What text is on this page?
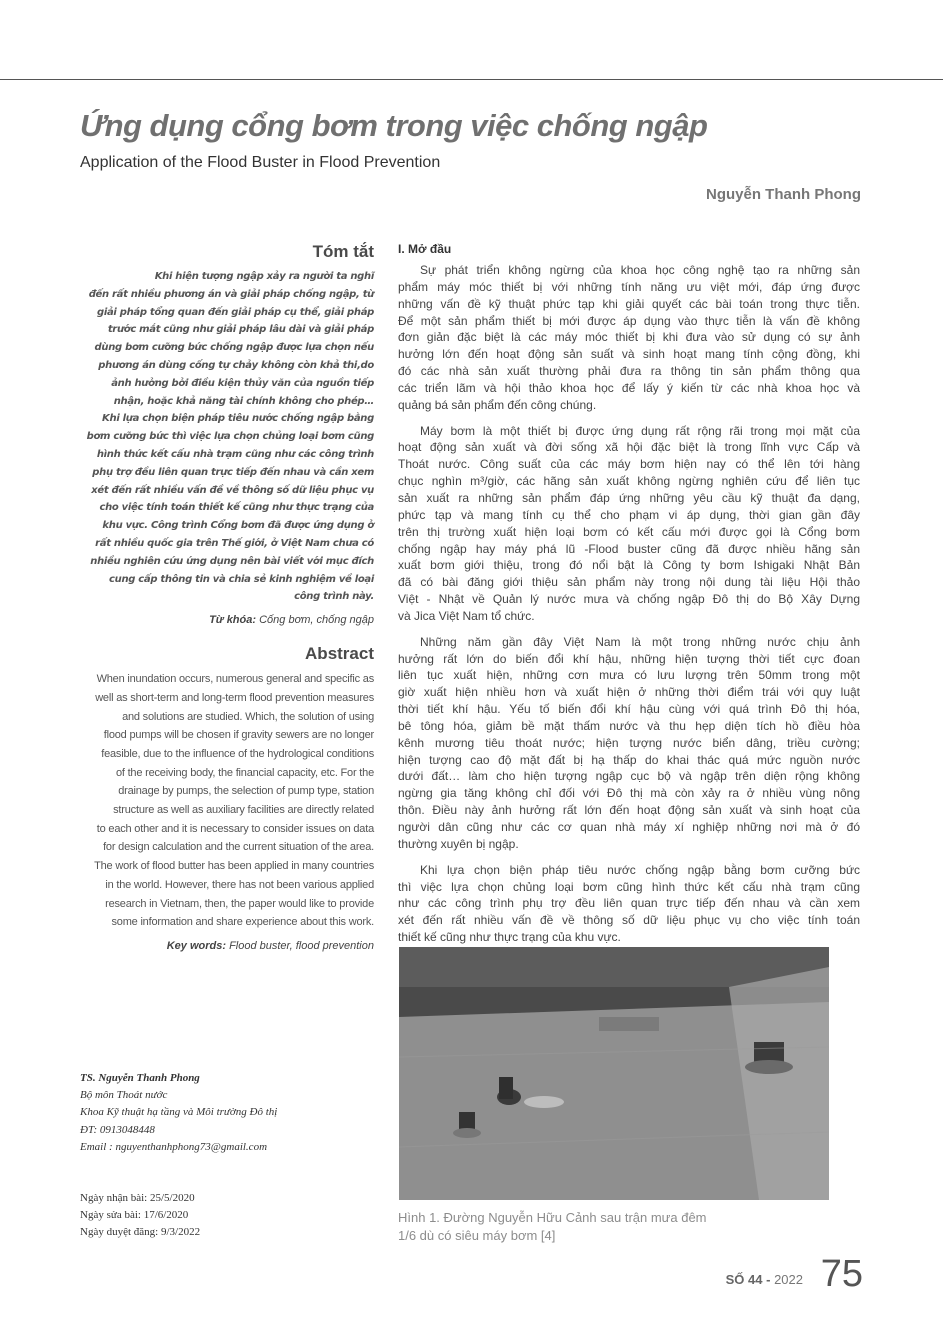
Ứng dụng cổng bơm trong việc chống ngập

Application of the Flood Buster in Flood Prevention

Nguyễn Thanh Phong

Tóm tắt

Khi hiện tượng ngập xảy ra người ta nghĩ
đến rất nhiều phương án và giải pháp chống ngập, từ
giải pháp tổng quan đến giải pháp cụ thể, giải pháp
trước mắt cũng như giải pháp lâu dài và giải pháp
dùng bơm cưỡng bức chống ngập được lựa chọn nếu
phương án dùng cống tự chảy không còn khả thi,do
ảnh hưởng bởi điều kiện thủy văn của nguồn tiếp
nhận, hoặc khả năng tài chính không cho phép…
Khi lựa chọn biện pháp tiêu nước chống ngập bằng
bơm cưỡng bức thì việc lựa chọn chủng loại bơm cũng
hình thức kết cấu nhà trạm cũng như các công trình
phụ trợ đều liên quan trực tiếp đến nhau và cần xem
xét đến rất nhiều vấn đề về thông số dữ liệu phục vụ
cho việc tính toán thiết kế cũng như thực trạng của
khu vực. Công trình Cổng bơm đã được ứng dụng ở
rất nhiều quốc gia trên Thế giới, ở Việt Nam chưa có
nhiều nghiên cứu ứng dụng nên bài viết với mục đích
cung cấp thông tin và chia sẻ kinh nghiệm về loại
công trình này.

Từ khóa: Cống bơm, chống ngập

Abstract

When inundation occurs, numerous general and specific as
well as short-term and long-term flood prevention measures
and solutions are studied. Which, the solution of using
flood pumps will be chosen if gravity sewers are no longer
feasible, due to the influence of the hydrological conditions
of the receiving body, the financial capacity, etc. For the
drainage by pumps, the selection of pump type, station
structure as well as auxiliary facilities are directly related
to each other and it is necessary to consider issues on data
for design calculation and the current situation of the area.
The work of flood butter has been applied in many countries
in the world. However, there has not been various applied
research in Vietnam, then, the paper would like to provide
some information and share experience about this work.

Key words: Flood buster, flood prevention

TS. Nguyễn Thanh Phong
Bộ môn Thoát nước
Khoa Kỹ thuật hạ tầng và Môi trường Đô thị
ĐT: 0913048448
Email : nguyenthanhphong73@gmail.com
Ngày nhận bài: 25/5/2020
Ngày sửa bài: 17/6/2020
Ngày duyệt đăng: 9/3/2022
I. Mở đầu

Sự phát triển không ngừng của khoa học công nghệ tạo ra những sản
phẩm máy móc thiết bị với những tính năng ưu việt mới, đáp ứng được
những vấn đề kỹ thuật phức tạp khi giải quyết các bài toán trong thực tiễn.
Để một sản phẩm thiết bị mới được áp dụng vào thực tiễn là vấn đề không
đơn giản đặc biệt là các máy móc thiết bị khi đưa vào sử dụng có sự ảnh
hưởng lớn đến hoạt động sản suất và sinh hoạt mang tính cộng đồng, khi
đó các nhà sản xuất thường phải đưa ra thông tin sản phẩm thông qua
các triển lãm và hội thảo khoa học để lấy ý kiến từ các nhà khoa học và
quảng bá sản phẩm đến công chúng.

Máy bơm là một thiết bị được ứng dụng rất rộng rãi trong mọi mặt của
hoạt động sản xuất và đời sống xã hội đặc biệt là trong lĩnh vực Cấp và
Thoát nước. Công suất của các máy bơm hiện nay có thể lên tới hàng
chục nghìn m³/giờ, các hãng sản xuất không ngừng nghiên cứu để liên tục
sản xuất ra những sản phẩm đáp ứng những yêu cầu kỹ thuật đa dạng,
phức tạp và mang tính cụ thể cho phạm vi áp dụng, thời gian gần đây
trên thị trường xuất hiện loại bơm có kết cấu mới được gọi là Cổng bơm
chống ngập hay máy phá lũ -Flood buster cũng đã được nhiều hãng sản
xuất bơm giới thiệu, trong đó nổi bật là Công ty bơm Ishigaki Nhật Bản
đã có bài đăng giới thiệu sản phẩm này trong nội dung tài liệu Hội thảo
Việt - Nhật về Quản lý nước mưa và chống ngập Đô thị do Bộ Xây Dựng
và Jica Việt Nam tổ chức.

Những năm gần đây Việt Nam là một trong những nước chịu ảnh
hưởng rất lớn do biến đổi khí hậu, những hiện tượng thời tiết cực đoan
liên tục xuất hiện, những cơn mưa có lưu lượng trên 50mm trong một
giờ xuất hiện nhiều hơn và xuất hiện ở những thời điểm trái với quy luật
thời tiết khí hậu. Yếu tố biến đổi khí hậu cùng với quá trình Đô thị hóa,
bê tông hóa, giảm bề mặt thấm nước và thu hẹp diện tích hồ điều hòa
kênh mương tiêu thoát nước; hiện tượng nước biển dâng, triều cường;
hiện tượng cao độ mặt đất bị hạ thấp do khai thác quá mức nguồn nước
dưới đất… làm cho hiện tượng ngập cục bộ và ngập trên diện rộng không
ngừng gia tăng không chỉ đối với Đô thị mà còn xảy ra ở nhiều vùng nông
thôn. Điều này ảnh hưởng rất lớn đến hoạt động sản xuất và sinh hoạt của
người dân cũng như các cơ quan nhà máy xí nghiệp những nơi mà ở đó
thường xuyên bị ngập.

Khi lựa chọn biện pháp tiêu nước chống ngập bằng bơm cưỡng bức
thì việc lựa chọn chủng loại bơm cũng hình thức kết cấu nhà trạm cũng
như các công trình phụ trợ đều liên quan trực tiếp đến nhau và cần xem
xét đến rất nhiều vấn đề về thông số dữ liệu phục vụ cho việc tính toán
thiết kế cũng như thực trạng của khu vực.

Hình 1. Đường Nguyễn Hữu Cảnh sau trận mưa đêm
1/6 dù có siêu máy bơm [4]

SỐ 44 - 2022 75
